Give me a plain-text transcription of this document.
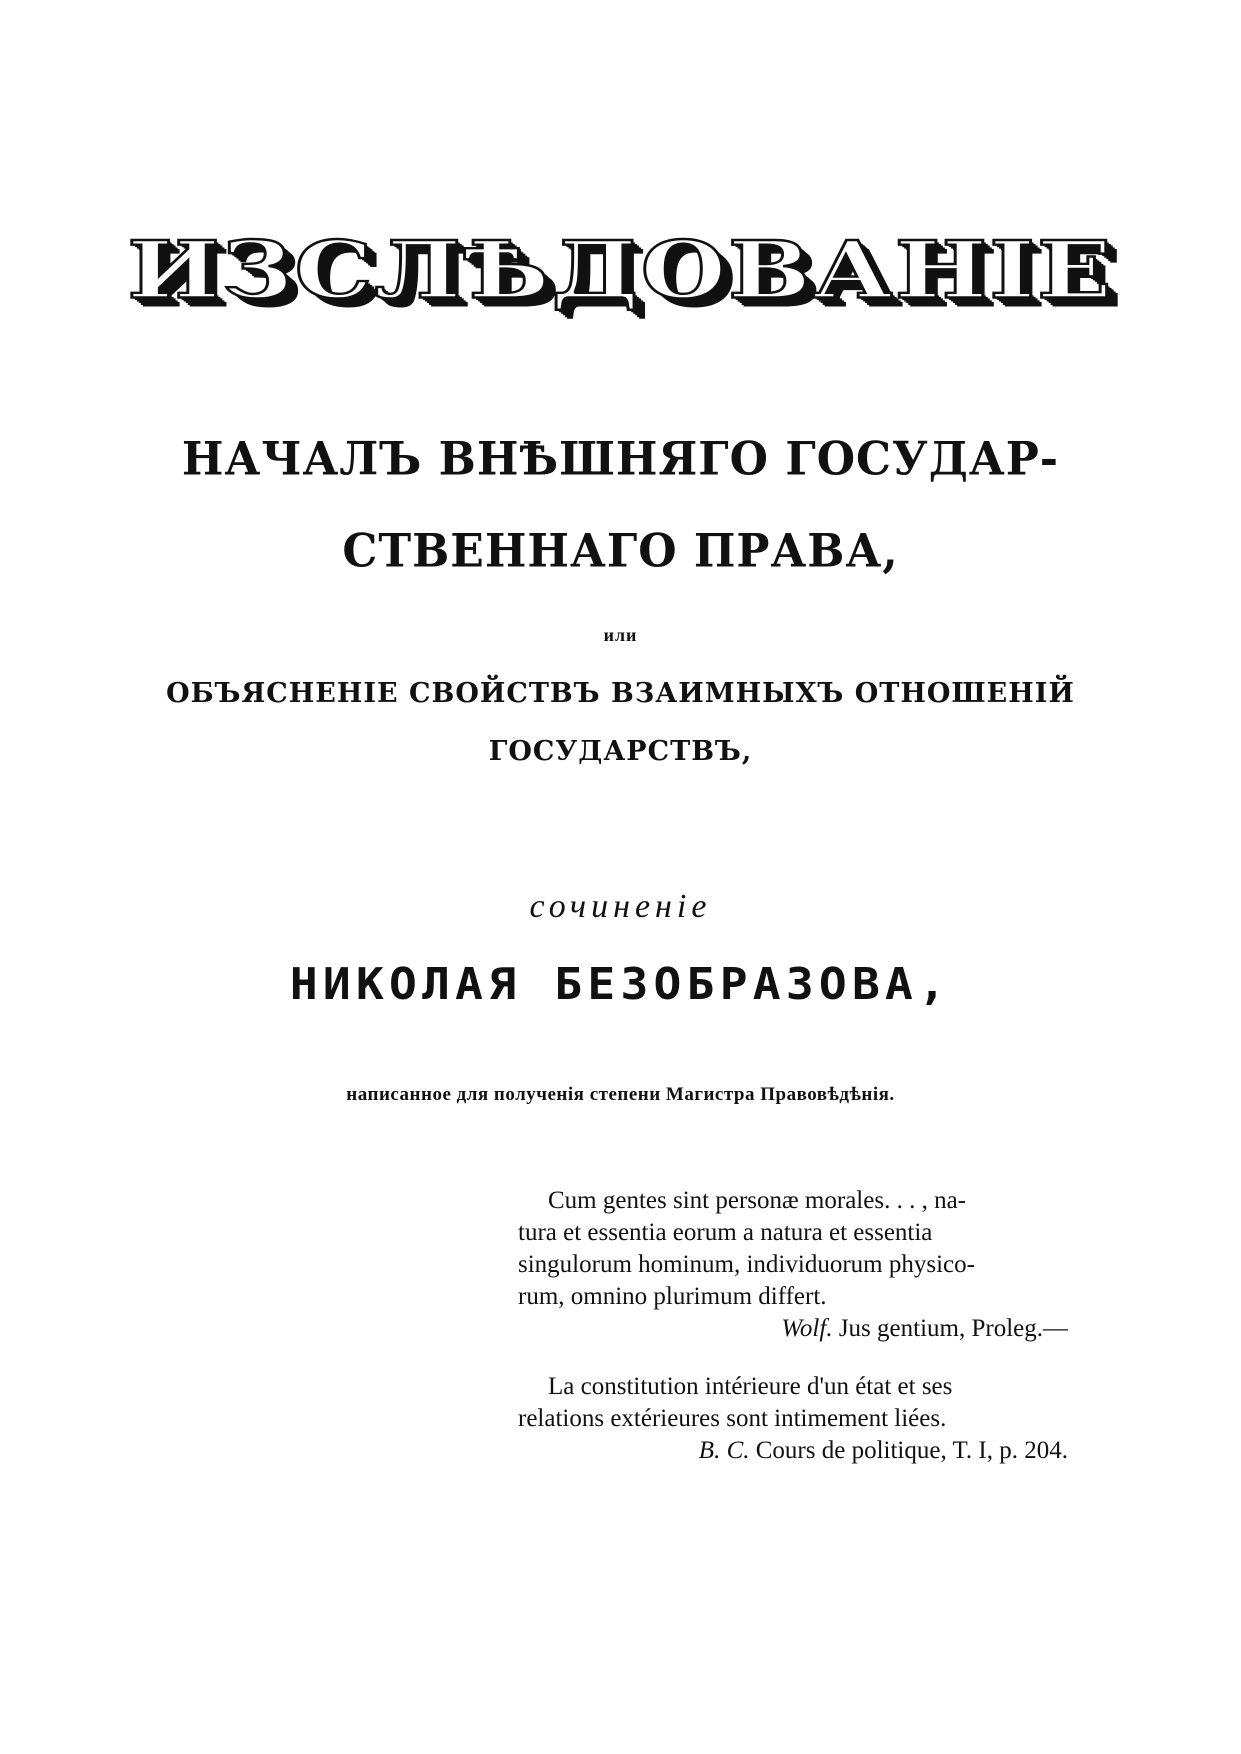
ИЗСЛѢДОВАНІЕ
НАЧАЛЪ ВНѢШНЯГО ГОСУДАР-
СТВЕННАГО ПРАВА,
или
ОБЪЯСНЕНІЕ СВОЙСТВЪ ВЗАИМНЫХЪ ОТНОШЕНІЙ
ГОСУДАРСТВЪ,
сочиненіе
НИКОЛАЯ БЕЗОБРАЗОВА,
написанное для полученія степени Магистра Правовѣдѣнія.
Cum gentes sint personæ morales. . . , na-
tura et essentia eorum a natura et essentia
singulorum hominum, individuorum physico-
rum, omnino plurimum differt.
Wolf. Jus gentium, Proleg.—
La constitution intérieure d'un état et ses
relations extérieures sont intimement liées.
B. C. Cours de politique, T. I, p. 204.
